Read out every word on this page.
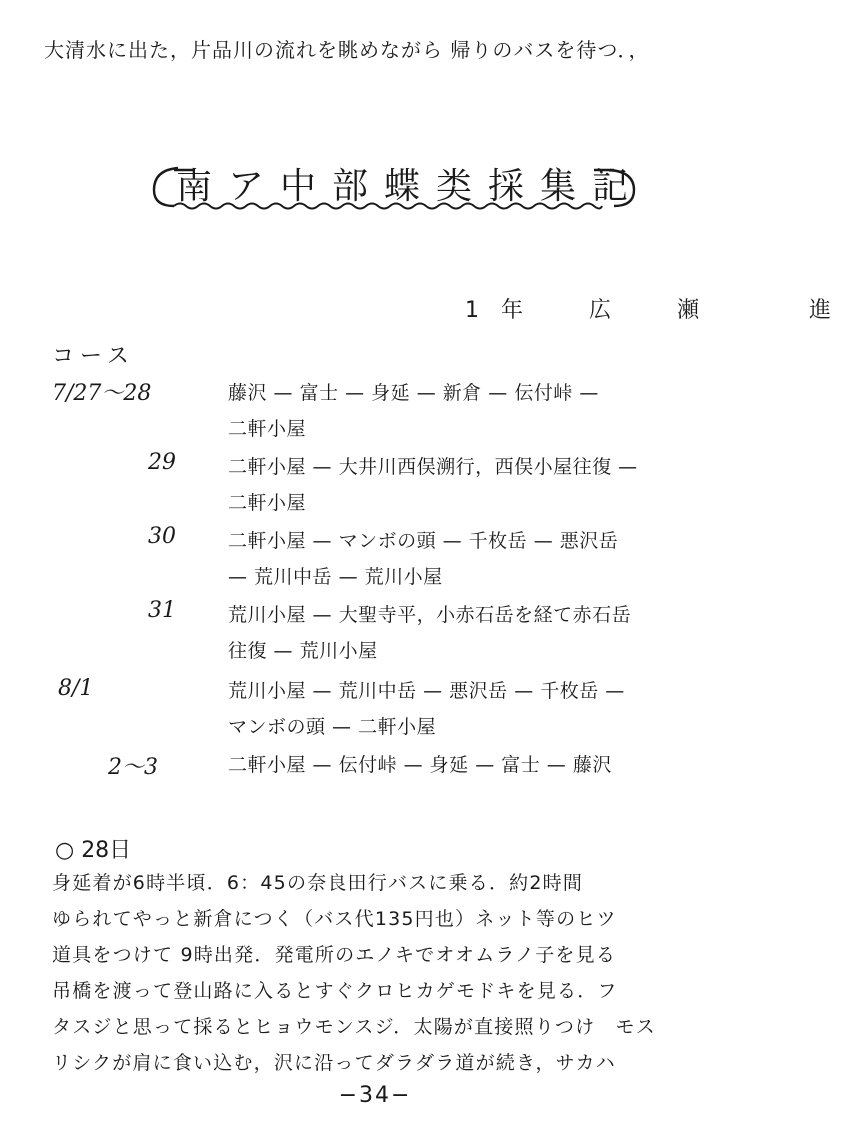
大清水に出た，片品川の流れを眺めながら 帰りのバスを待つ．，
南ア中部蝶类採集記
1年　広　瀬　　進
コース
7/27〜28	藤沢 — 富士 — 身延 — 新倉 — 伝付峠 —
二軒小屋
29	二軒小屋 — 大井川西俣溯行，西俣小屋往復 —
二軒小屋
30	二軒小屋 — マンボの頭 — 千枚岳 — 悪沢岳
— 荒川中岳 — 荒川小屋
31	荒川小屋 — 大聖寺平，小赤石岳を経て赤石岳
往復 — 荒川小屋
8/1	荒川小屋 — 荒川中岳 — 悪沢岳 — 千枚岳 —
マンボの頭 — 二軒小屋
2〜3	二軒小屋 — 伝付峠 — 身延 — 富士 — 藤沢
○ 28日
身延着が6時半頃．6：45の奈良田行バスに乗る．約2時間
ゆられてやっと新倉につく（バス代135円也）ネット等のヒツ
道具をつけて 9時出発．発電所のエノキでオオムラノ子を見る
吊橋を渡って登山路に入るとすぐクロヒカゲモドキを見る．フ
タスジと思って採るとヒョウモンスジ．太陽が直接照りつけ　モス
リシクが肩に食い込む，沢に沿ってダラダラ道が続き，サカハ
−34−
